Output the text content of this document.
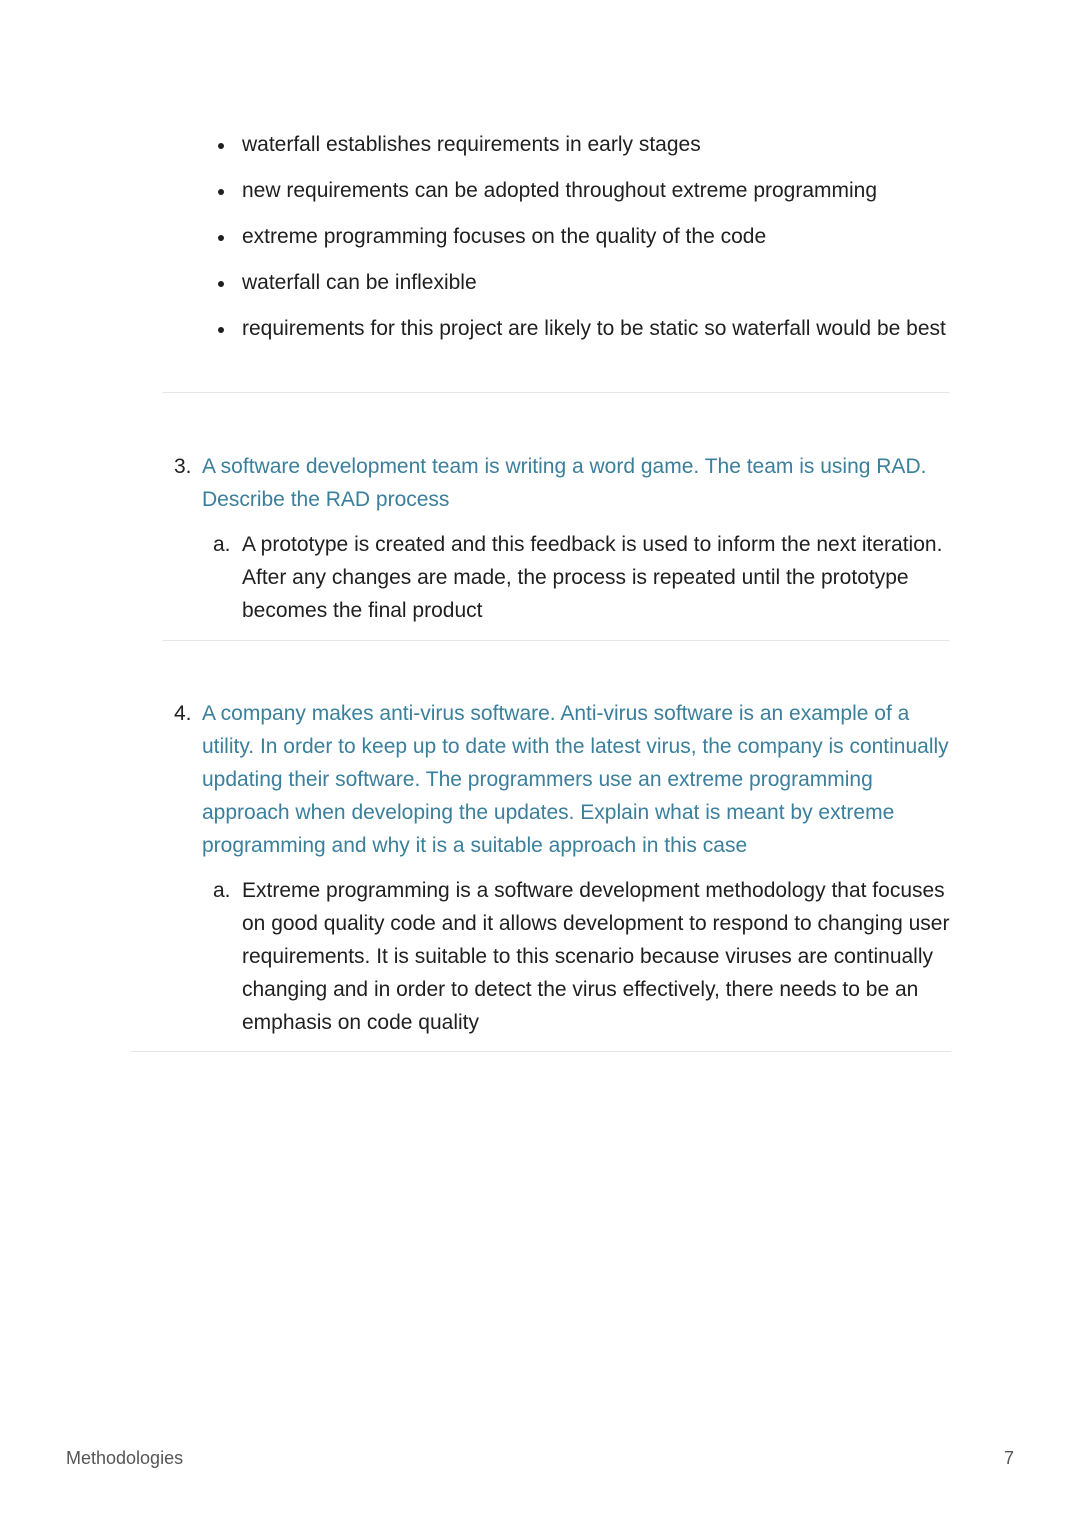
waterfall establishes requirements in early stages
new requirements can be adopted throughout extreme programming
extreme programming focuses on the quality of the code
waterfall can be inflexible
requirements for this project are likely to be static so waterfall would be best
3. A software development team is writing a word game. The team is using RAD. Describe the RAD process
a. A prototype is created and this feedback is used to inform the next iteration. After any changes are made, the process is repeated until the prototype becomes the final product
4. A company makes anti-virus software. Anti-virus software is an example of a utility. In order to keep up to date with the latest virus, the company is continually updating their software. The programmers use an extreme programming approach when developing the updates. Explain what is meant by extreme programming and why it is a suitable approach in this case
a. Extreme programming is a software development methodology that focuses on good quality code and it allows development to respond to changing user requirements. It is suitable to this scenario because viruses are continually changing and in order to detect the virus effectively, there needs to be an emphasis on code quality
Methodologies	7
